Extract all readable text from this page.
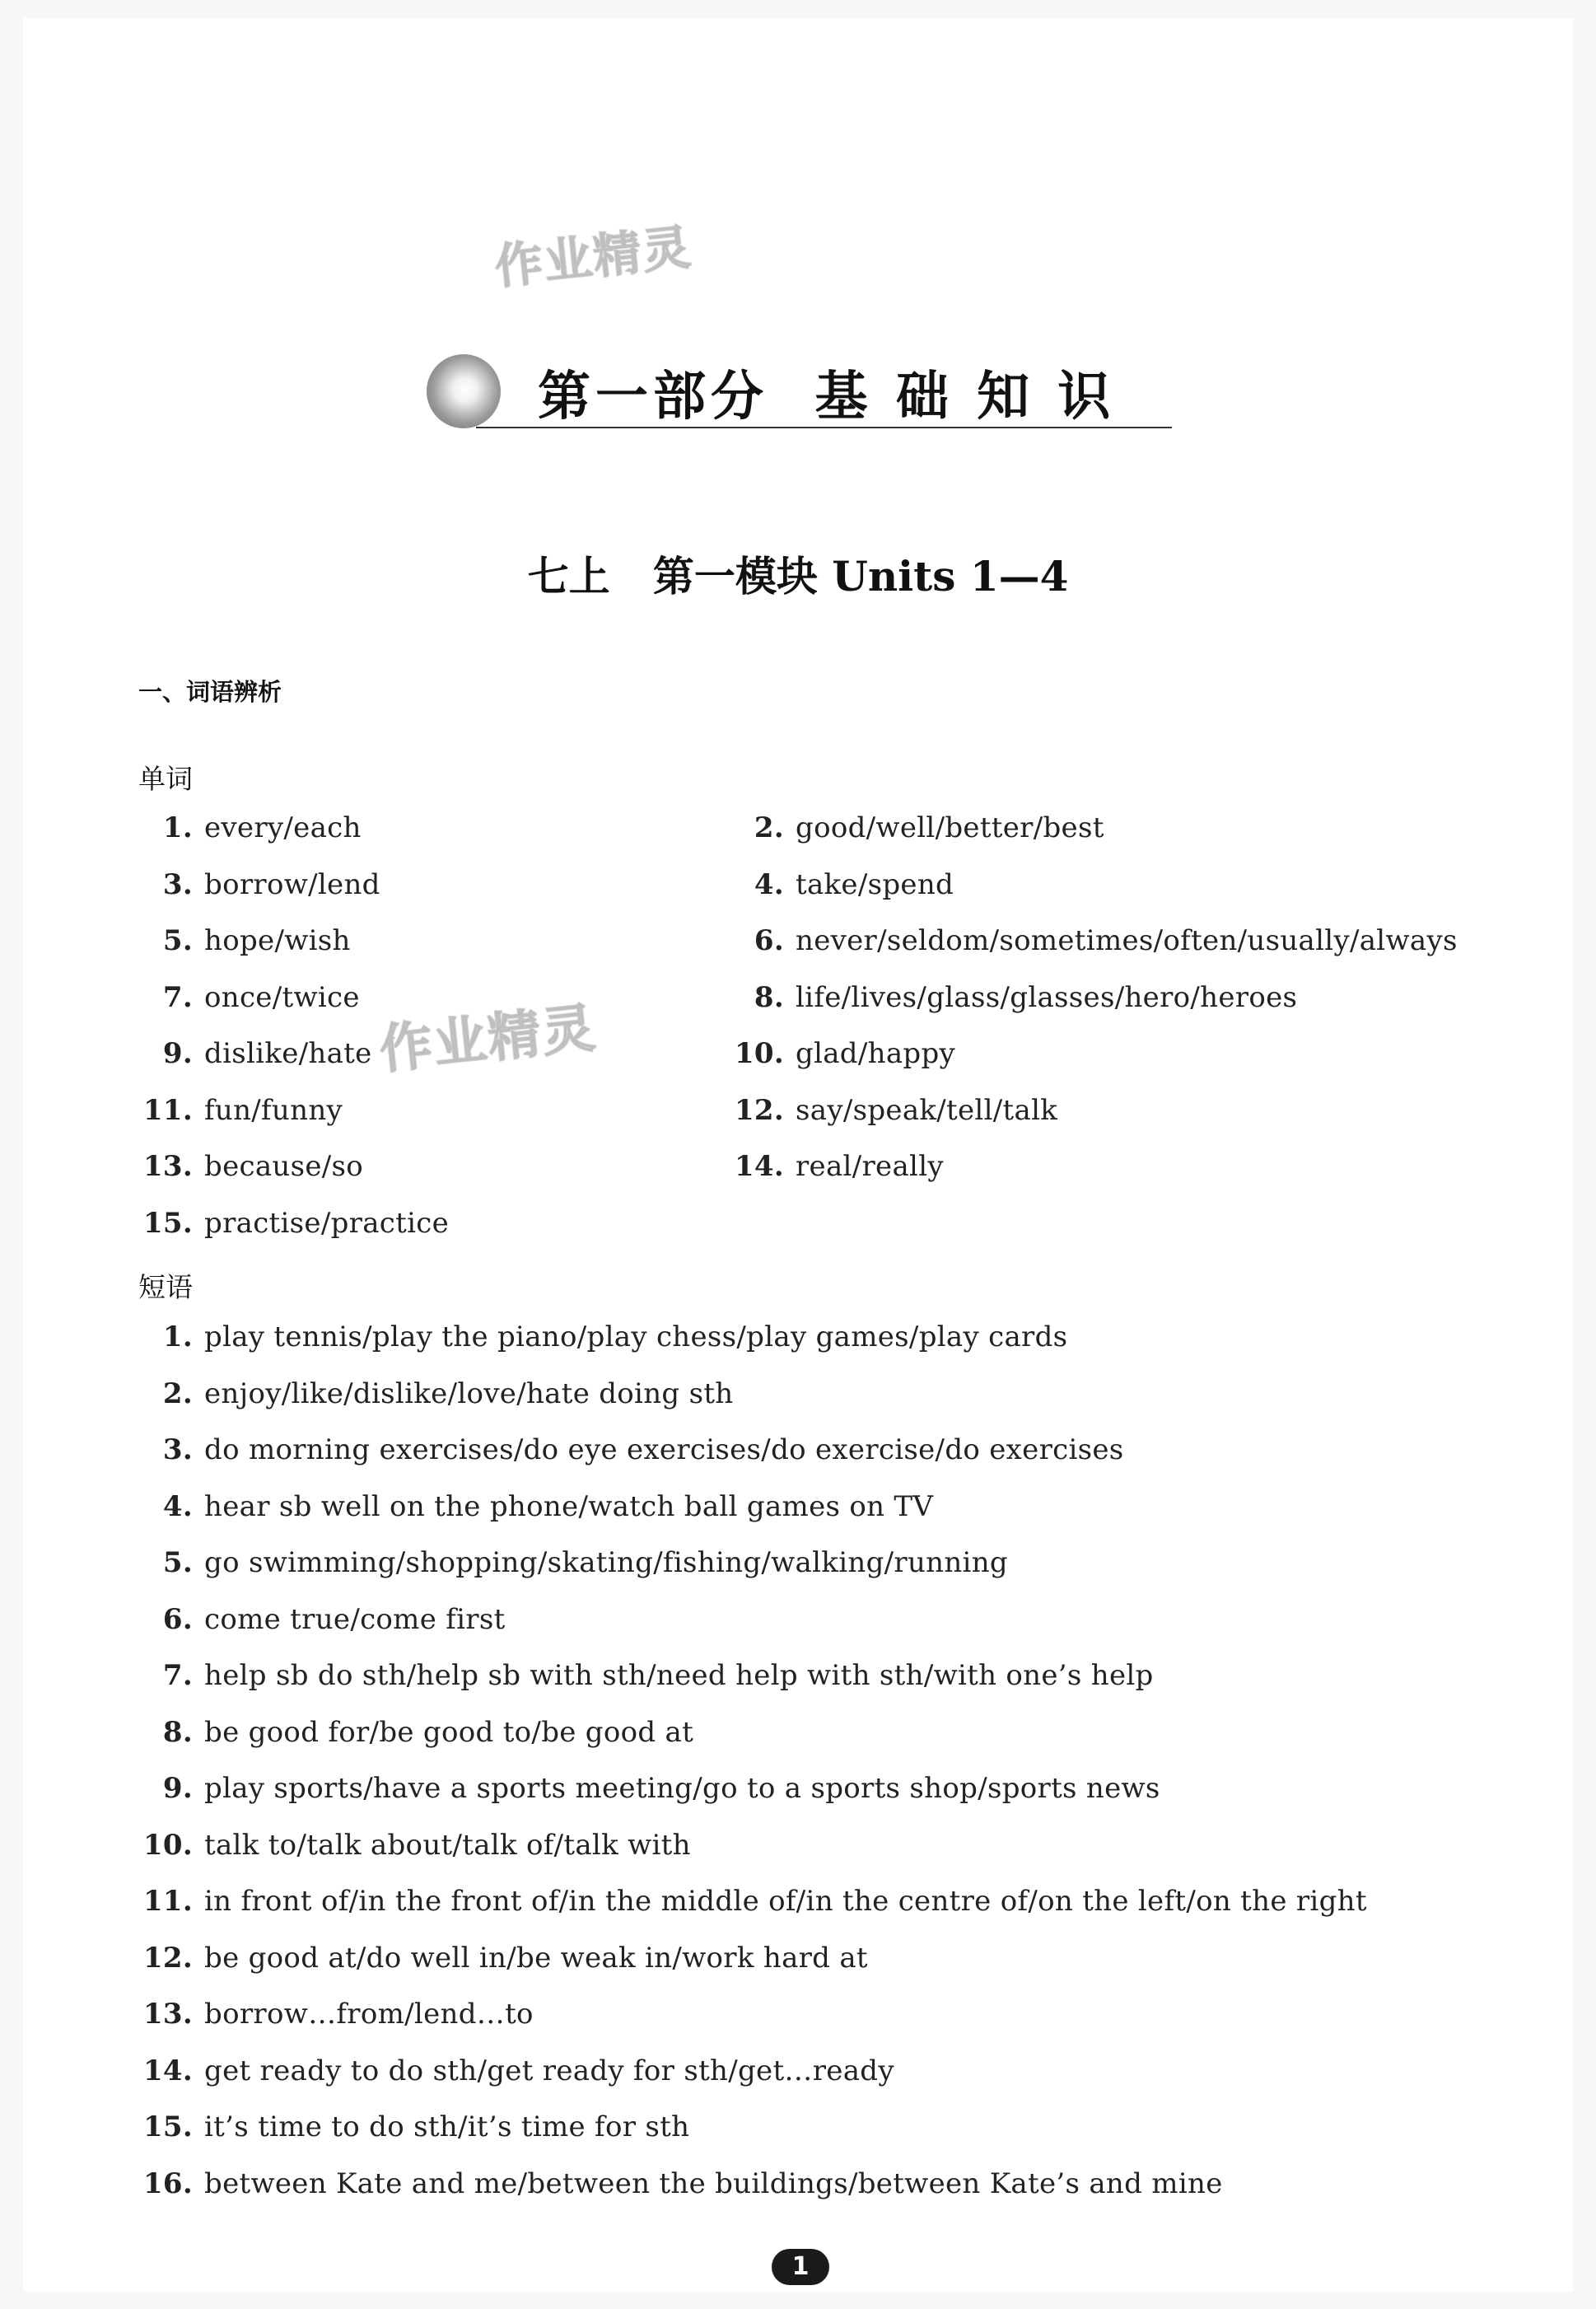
作业精灵
作业精灵
第一部分  基 础 知 识
七上   第一模块 Units 1—4
一、词语辨析
单词
1. every/each	2. good/well/better/best
3. borrow/lend	4. take/spend
5. hope/wish	6. never/seldom/sometimes/often/usually/always
7. once/twice	8. life/lives/glass/glasses/hero/heroes
9. dislike/hate	10. glad/happy
11. fun/funny	12. say/speak/tell/talk
13. because/so	14. real/really
15. practise/practice
短语
1. play tennis/play the piano/play chess/play games/play cards
2. enjoy/like/dislike/love/hate doing sth
3. do morning exercises/do eye exercises/do exercise/do exercises
4. hear sb well on the phone/watch ball games on TV
5. go swimming/shopping/skating/fishing/walking/running
6. come true/come first
7. help sb do sth/help sb with sth/need help with sth/with one’s help
8. be good for/be good to/be good at
9. play sports/have a sports meeting/go to a sports shop/sports news
10. talk to/talk about/talk of/talk with
11. in front of/in the front of/in the middle of/in the centre of/on the left/on the right
12. be good at/do well in/be weak in/work hard at
13. borrow…from/lend…to
14. get ready to do sth/get ready for sth/get…ready
15. it’s time to do sth/it’s time for sth
16. between Kate and me/between the buildings/between Kate’s and mine
1
